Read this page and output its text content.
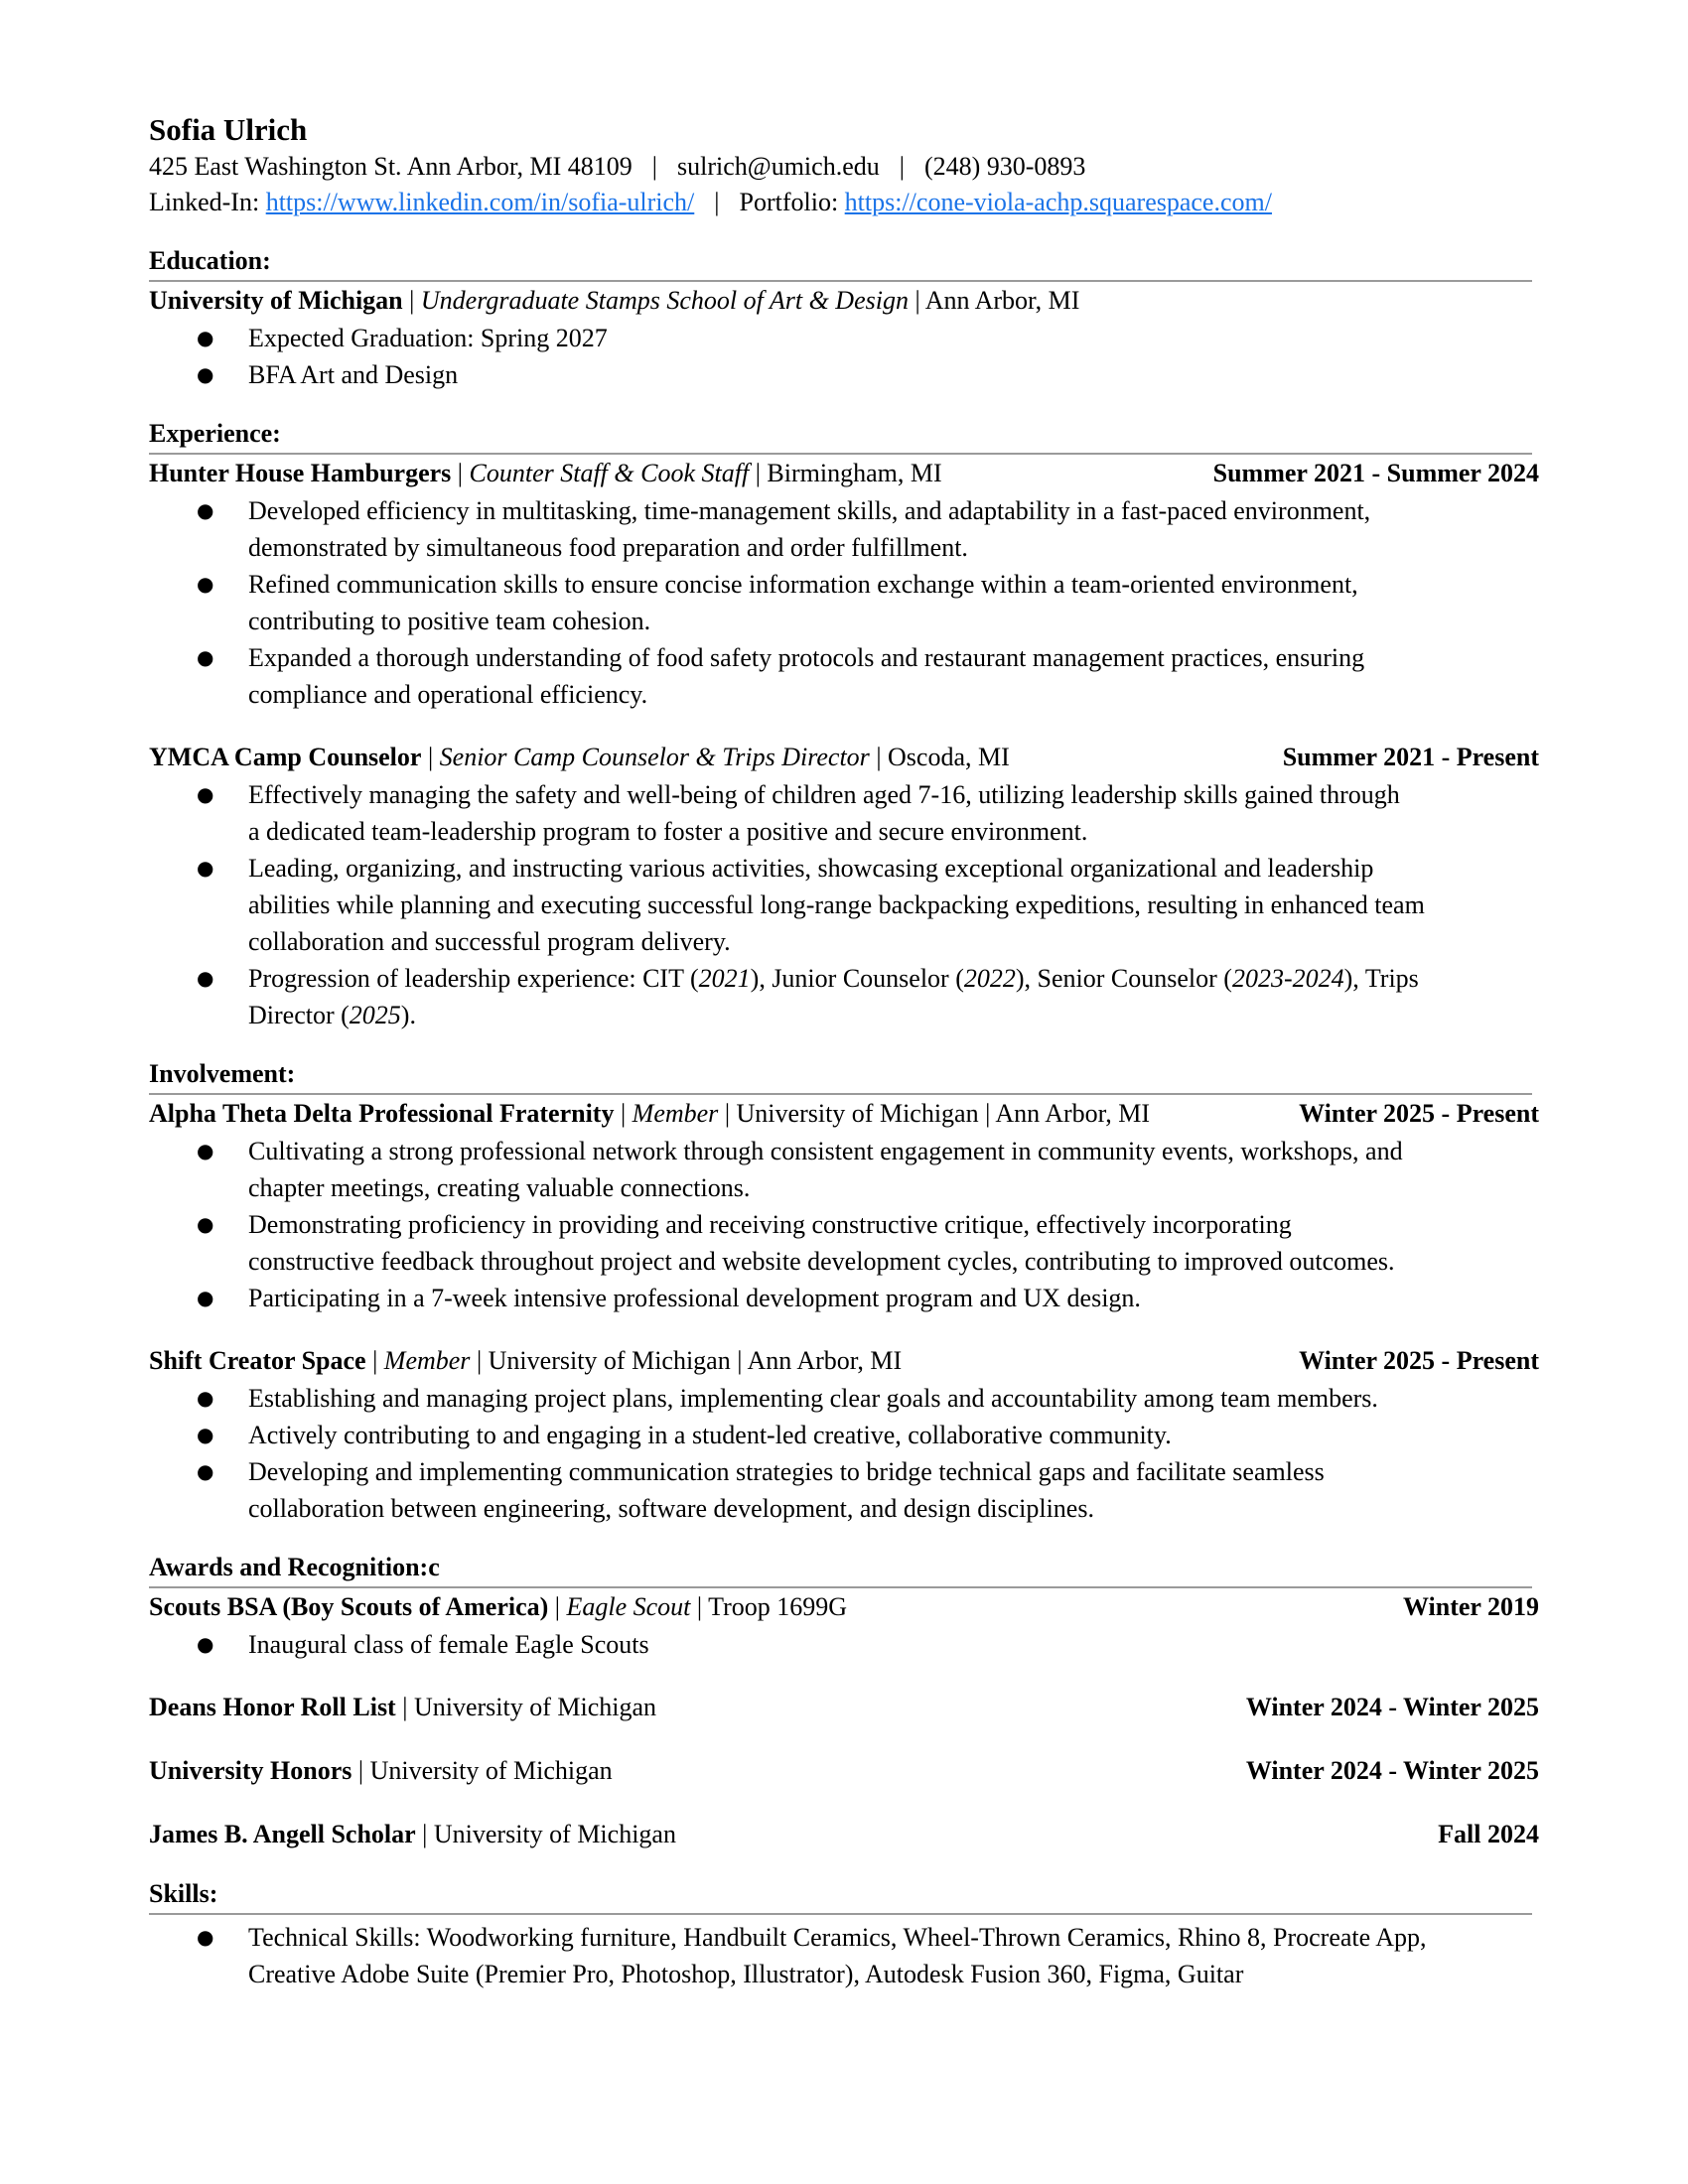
Sofia Ulrich
425 East Washington St. Ann Arbor, MI 48109 | sulrich@umich.edu | (248) 930-0893
Linked-In: https://www.linkedin.com/in/sofia-ulrich/ | Portfolio: https://cone-viola-achp.squarespace.com/
Education:
University of Michigan | Undergraduate Stamps School of Art & Design | Ann Arbor, MI
● Expected Graduation: Spring 2027
● BFA Art and Design
Experience:
Hunter House Hamburgers | Counter Staff & Cook Staff | Birmingham, MI	Summer 2021 - Summer 2024
● Developed efficiency in multitasking, time-management skills, and adaptability in a fast-paced environment,
demonstrated by simultaneous food preparation and order fulfillment.
● Refined communication skills to ensure concise information exchange within a team-oriented environment,
contributing to positive team cohesion.
● Expanded a thorough understanding of food safety protocols and restaurant management practices, ensuring
compliance and operational efficiency.
YMCA Camp Counselor | Senior Camp Counselor & Trips Director | Oscoda, MI	Summer 2021 - Present
● Effectively managing the safety and well-being of children aged 7-16, utilizing leadership skills gained through
a dedicated team-leadership program to foster a positive and secure environment.
● Leading, organizing, and instructing various activities, showcasing exceptional organizational and leadership
abilities while planning and executing successful long-range backpacking expeditions, resulting in enhanced team
collaboration and successful program delivery.
● Progression of leadership experience: CIT (2021), Junior Counselor (2022), Senior Counselor (2023-2024), Trips
Director (2025).
Involvement:
Alpha Theta Delta Professional Fraternity | Member | University of Michigan | Ann Arbor, MI	Winter 2025 - Present
● Cultivating a strong professional network through consistent engagement in community events, workshops, and
chapter meetings, creating valuable connections.
● Demonstrating proficiency in providing and receiving constructive critique, effectively incorporating
constructive feedback throughout project and website development cycles, contributing to improved outcomes.
● Participating in a 7-week intensive professional development program and UX design.
Shift Creator Space | Member | University of Michigan | Ann Arbor, MI	Winter 2025 - Present
● Establishing and managing project plans, implementing clear goals and accountability among team members.
● Actively contributing to and engaging in a student-led creative, collaborative community.
● Developing and implementing communication strategies to bridge technical gaps and facilitate seamless
collaboration between engineering, software development, and design disciplines.
Awards and Recognition:c
Scouts BSA (Boy Scouts of America) | Eagle Scout | Troop 1699G	Winter 2019
● Inaugural class of female Eagle Scouts
Deans Honor Roll List | University of Michigan	Winter 2024 - Winter 2025
University Honors | University of Michigan	Winter 2024 - Winter 2025
James B. Angell Scholar | University of Michigan	Fall 2024
Skills:
● Technical Skills: Woodworking furniture, Handbuilt Ceramics, Wheel-Thrown Ceramics, Rhino 8, Procreate App,
Creative Adobe Suite (Premier Pro, Photoshop, Illustrator), Autodesk Fusion 360, Figma, Guitar
